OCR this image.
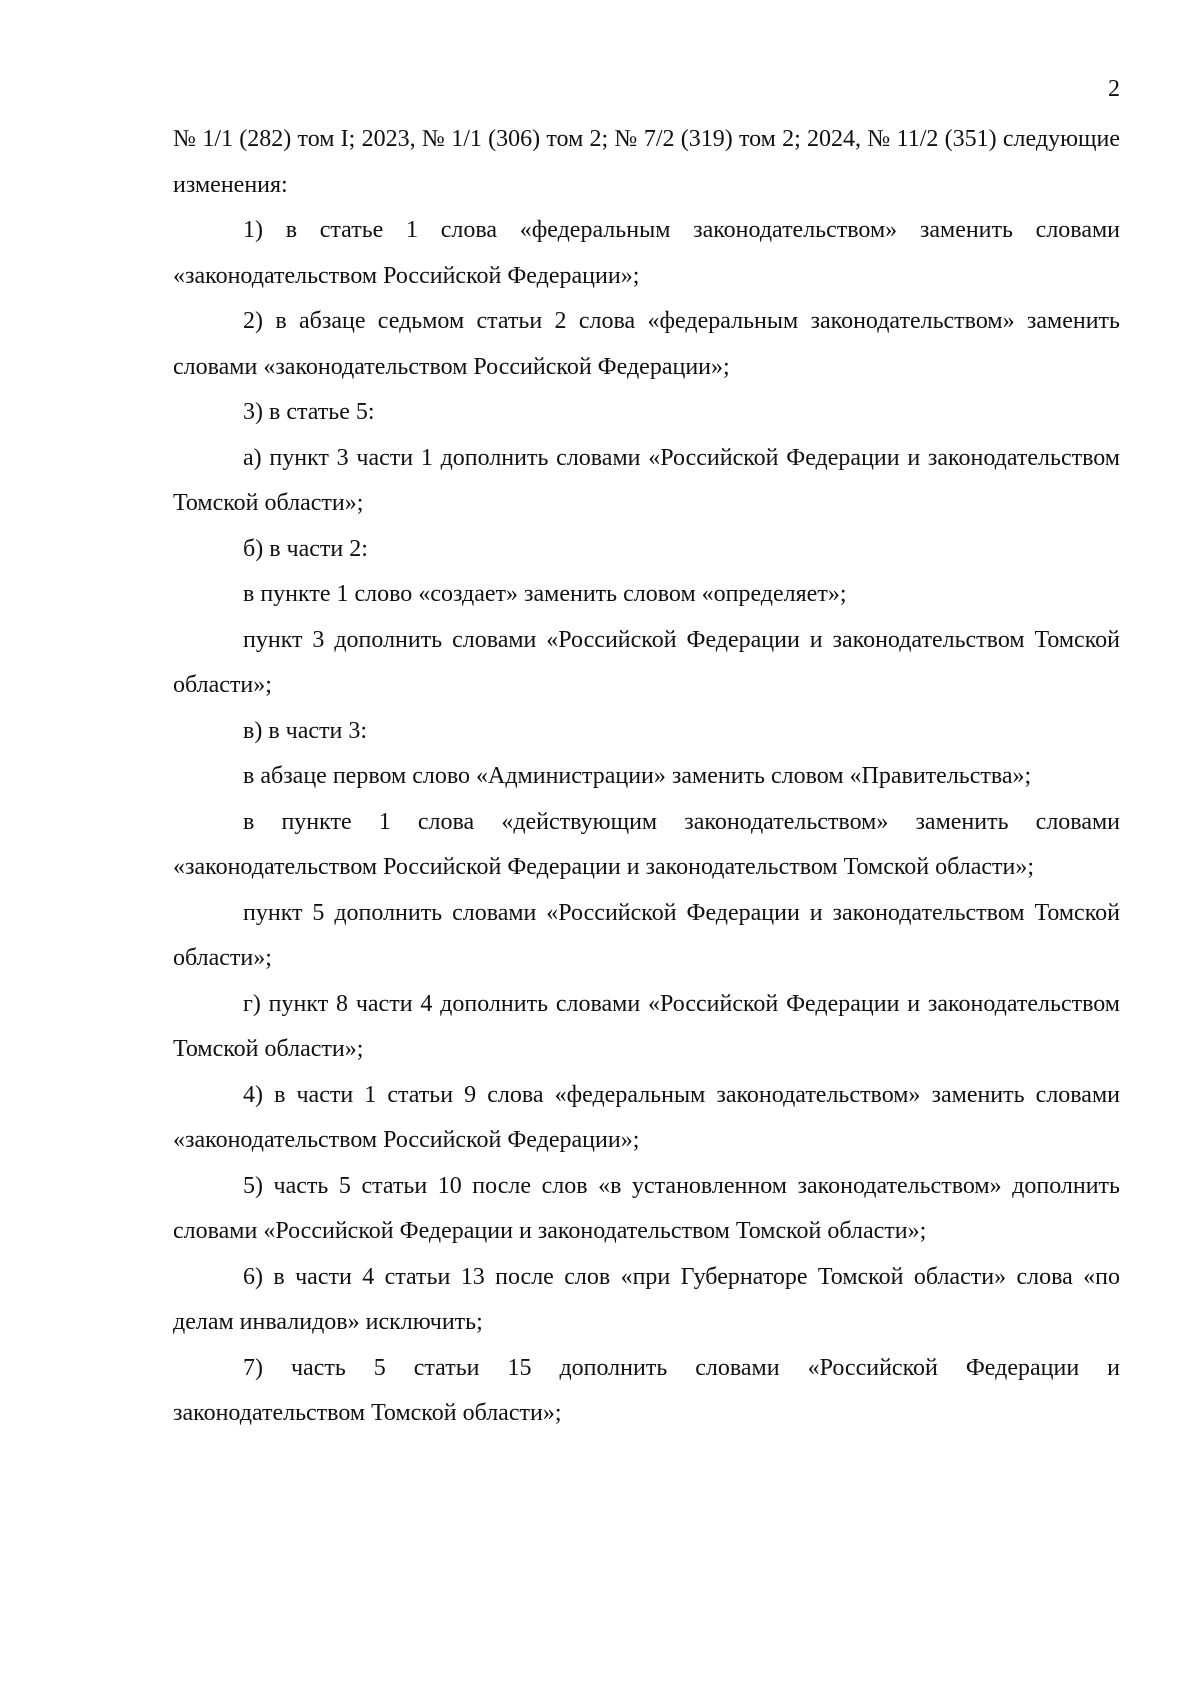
2

№ 1/1 (282) том I; 2023, № 1/1 (306) том 2; № 7/2 (319) том 2; 2024, № 11/2 (351) следующие изменения:

1) в статье 1 слова «федеральным законодательством» заменить словами «законодательством Российской Федерации»;

2) в абзаце седьмом статьи 2 слова «федеральным законодательством» заменить словами «законодательством Российской Федерации»;

3) в статье 5:

а) пункт 3 части 1 дополнить словами «Российской Федерации и законодательством Томской области»;

б) в части 2:

в пункте 1 слово «создает» заменить словом «определяет»;

пункт 3 дополнить словами «Российской Федерации и законодательством Томской области»;

в) в части 3:

в абзаце первом слово «Администрации» заменить словом «Правительства»;

в пункте 1 слова «действующим законодательством» заменить словами «законодательством Российской Федерации и законодательством Томской области»;

пункт 5 дополнить словами «Российской Федерации и законодательством Томской области»;

г) пункт 8 части 4 дополнить словами «Российской Федерации и законодательством Томской области»;

4) в части 1 статьи 9 слова «федеральным законодательством» заменить словами «законодательством Российской Федерации»;

5) часть 5 статьи 10 после слов «в установленном законодательством» дополнить словами «Российской Федерации и законодательством Томской области»;

6) в части 4 статьи 13 после слов «при Губернаторе Томской области» слова «по делам инвалидов» исключить;

7) часть 5 статьи 15 дополнить словами «Российской Федерации и законодательством Томской области»;
